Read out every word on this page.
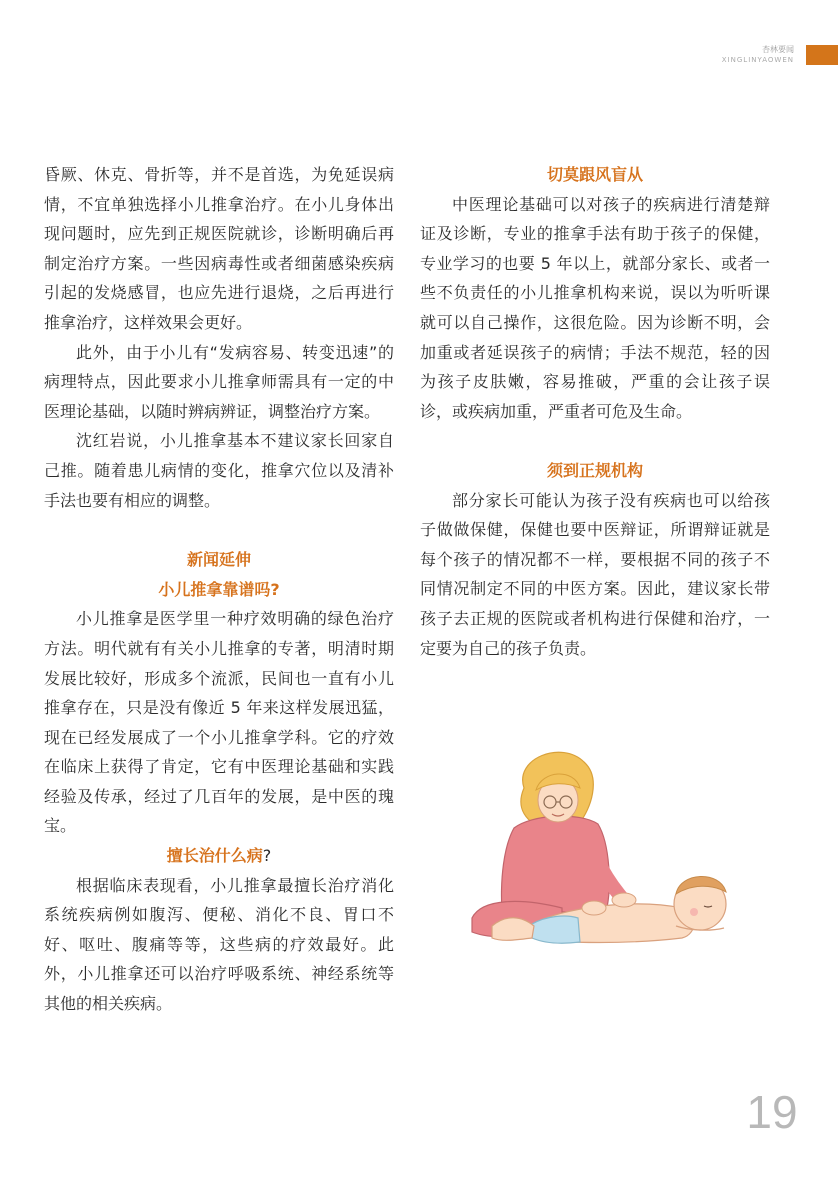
杏林要闻
XINGLINYAOWEN

昏厥、休克、骨折等，并不是首选，为免延误病情，不宜单独选择小儿推拿治疗。在小儿身体出现问题时，应先到正规医院就诊，诊断明确后再制定治疗方案。一些因病毒性或者细菌感染疾病引起的发烧感冒，也应先进行退烧，之后再进行推拿治疗，这样效果会更好。

此外，由于小儿有“发病容易、转变迅速”的病理特点，因此要求小儿推拿师需具有一定的中医理论基础，以随时辨病辨证，调整治疗方案。

沈红岩说，小儿推拿基本不建议家长回家自己推。随着患儿病情的变化，推拿穴位以及清补手法也要有相应的调整。

新闻延伸
小儿推拿靠谱吗?

小儿推拿是医学里一种疗效明确的绿色治疗方法。明代就有有关小儿推拿的专著，明清时期发展比较好，形成多个流派，民间也一直有小儿推拿存在，只是没有像近 5 年来这样发展迅猛，现在已经发展成了一个小儿推拿学科。它的疗效在临床上获得了肯定，它有中医理论基础和实践经验及传承，经过了几百年的发展，是中医的瑰宝。

擅长治什么病?

根据临床表现看，小儿推拿最擅长治疗消化系统疾病例如腹泻、便秘、消化不良、胃口不好、呕吐、腹痛等等，这些病的疗效最好。此外，小儿推拿还可以治疗呼吸系统、神经系统等其他的相关疾病。

切莫跟风盲从

中医理论基础可以对孩子的疾病进行清楚辩证及诊断，专业的推拿手法有助于孩子的保健，专业学习的也要 5 年以上，就部分家长、或者一些不负责任的小儿推拿机构来说，误以为听听课就可以自己操作，这很危险。因为诊断不明，会加重或者延误孩子的病情；手法不规范，轻的因为孩子皮肤嫩，容易推破，严重的会让孩子误诊，或疾病加重，严重者可危及生命。

须到正规机构

部分家长可能认为孩子没有疾病也可以给孩子做做保健，保健也要中医辩证，所谓辩证就是每个孩子的情况都不一样，要根据不同的孩子不同情况制定不同的中医方案。因此，建议家长带孩子去正规的医院或者机构进行保健和治疗，一定要为自己的孩子负责。

19
